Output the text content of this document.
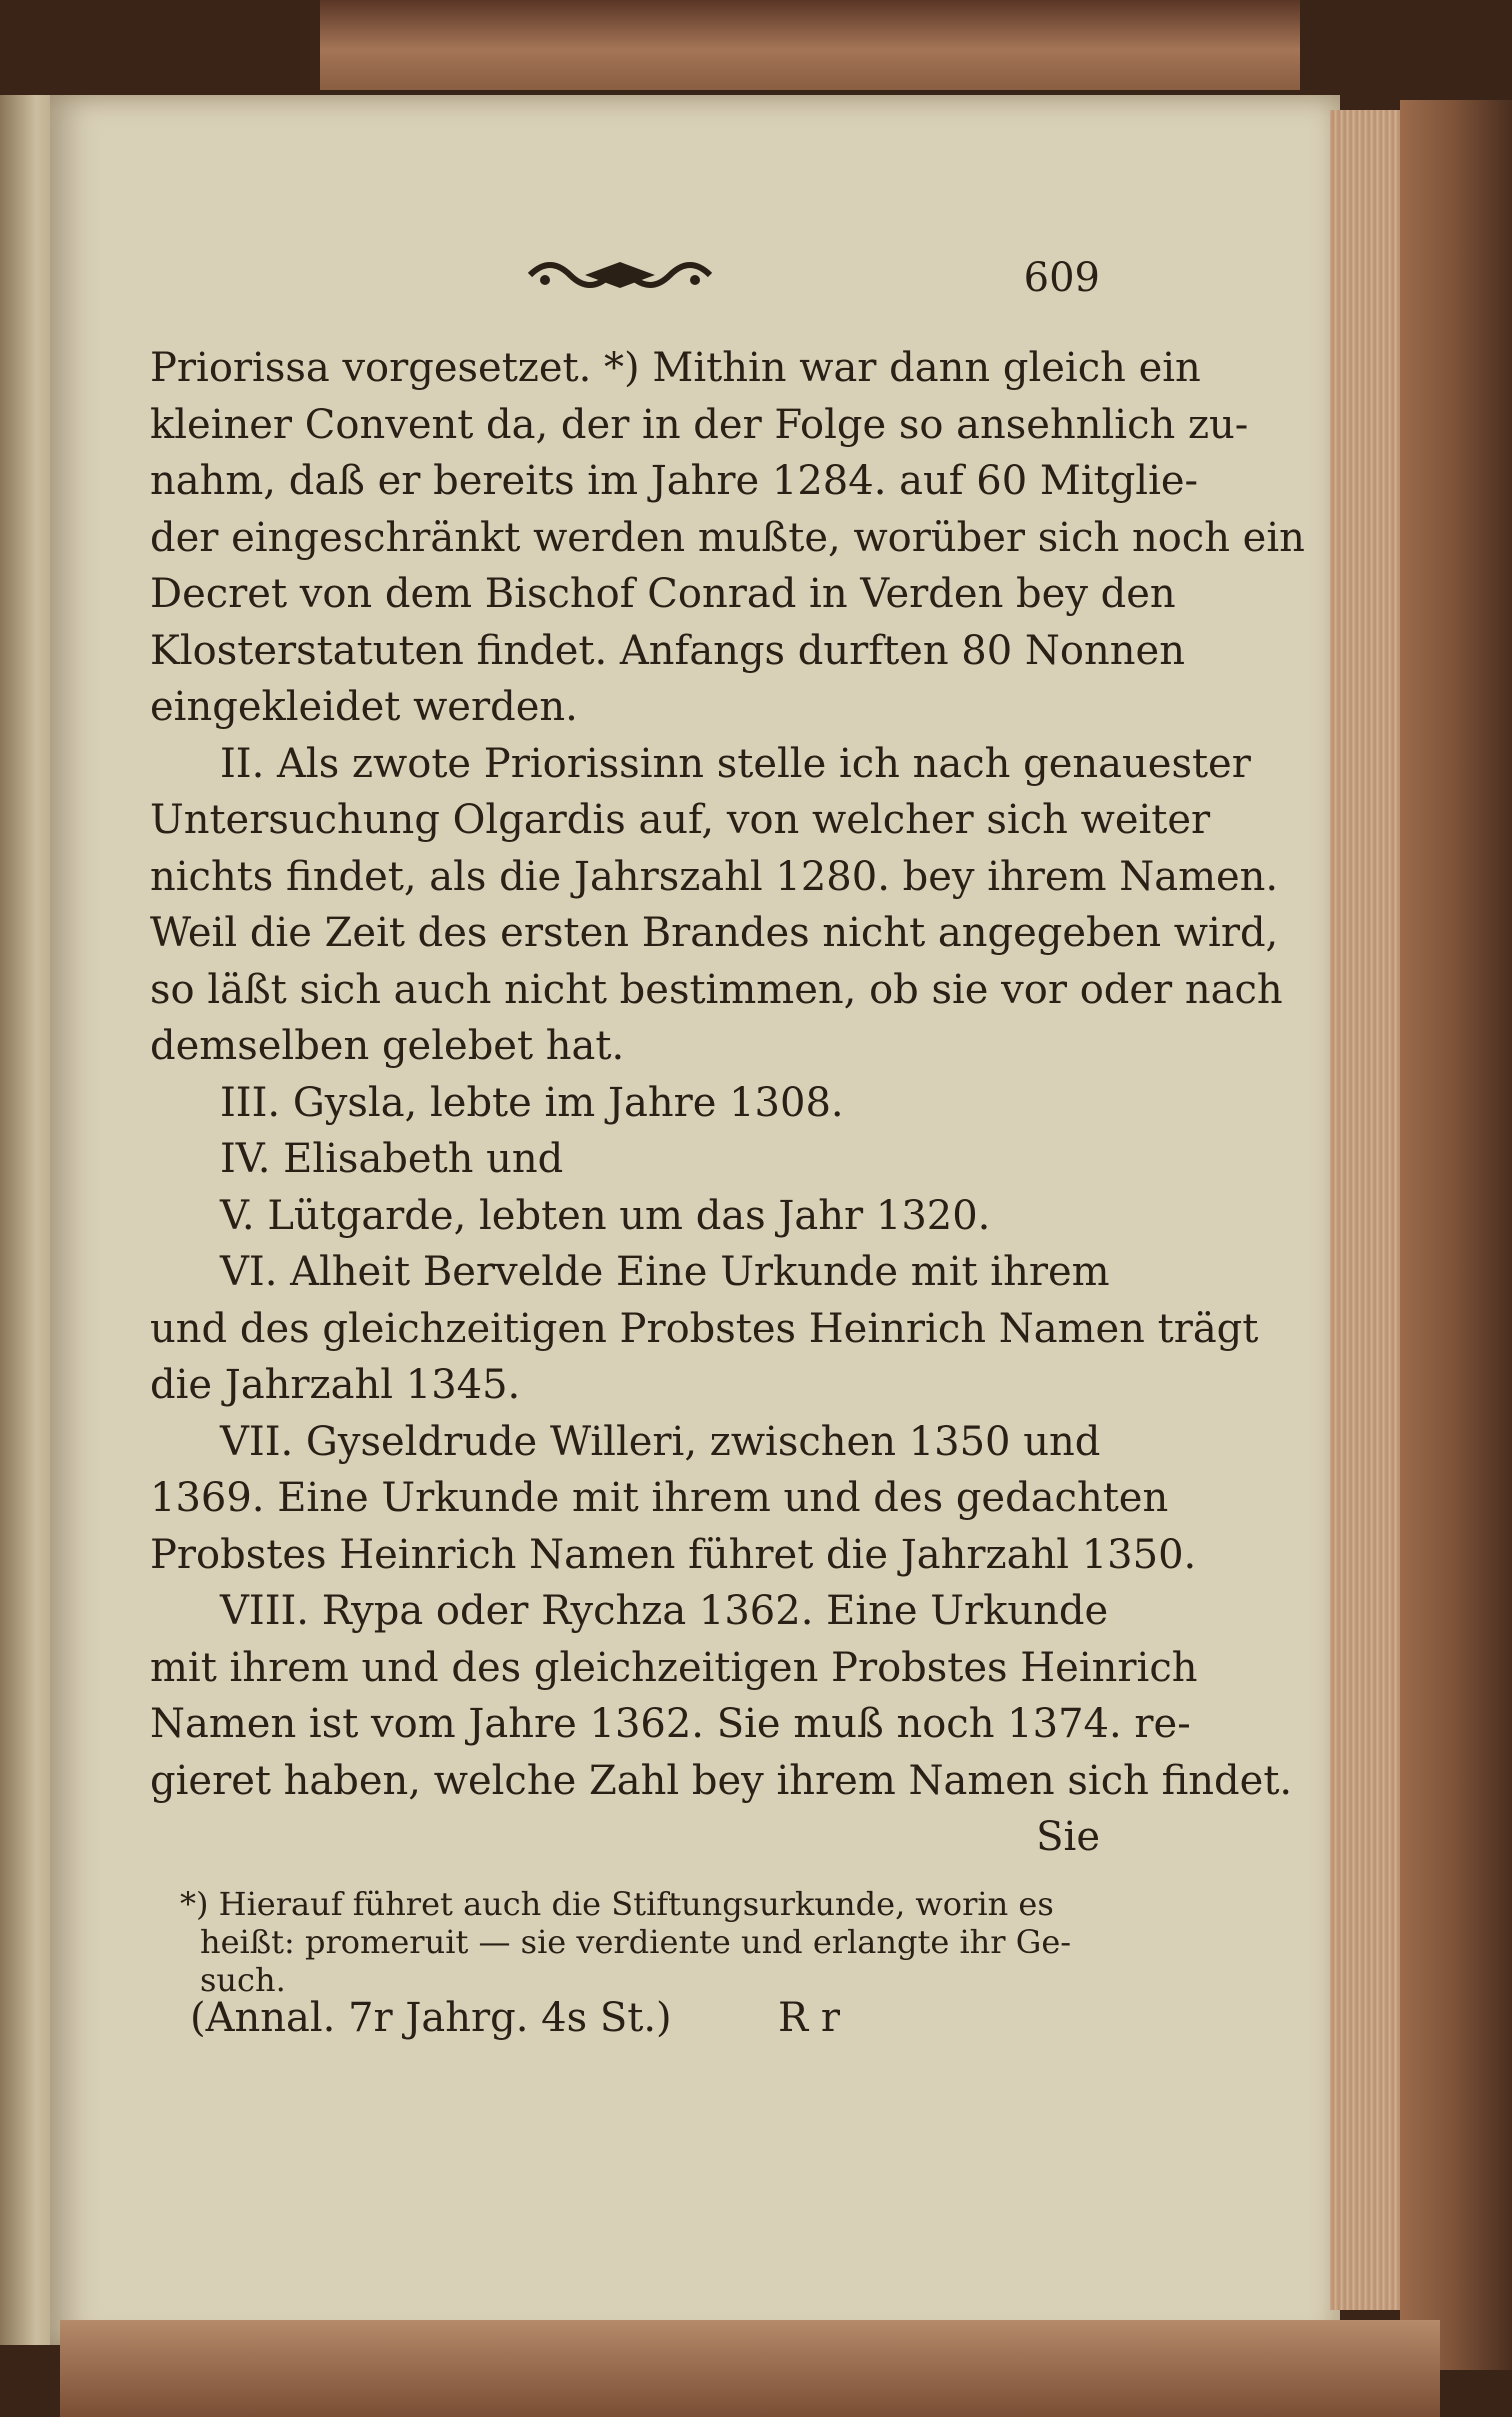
609
Priorissa vorgesetzet. *) Mithin war dann gleich ein
kleiner Convent da, der in der Folge so ansehnlich zu-
nahm, daß er bereits im Jahre 1284. auf 60 Mitglie-
der eingeschränkt werden mußte, worüber sich noch ein
Decret von dem Bischof Conrad in Verden bey den
Klosterstatuten findet. Anfangs durften 80 Nonnen
eingekleidet werden.
II. Als zwote Priorissinn stelle ich nach genauester
Untersuchung Olgardis auf, von welcher sich weiter
nichts findet, als die Jahrszahl 1280. bey ihrem Namen.
Weil die Zeit des ersten Brandes nicht angegeben wird,
so läßt sich auch nicht bestimmen, ob sie vor oder nach
demselben gelebet hat.
III. Gysla, lebte im Jahre 1308.
IV. Elisabeth und
V. Lütgarde, lebten um das Jahr 1320.
VI. Alheit Bervelde Eine Urkunde mit ihrem
und des gleichzeitigen Probstes Heinrich Namen trägt
die Jahrzahl 1345.
VII. Gyseldrude Willeri, zwischen 1350 und
1369. Eine Urkunde mit ihrem und des gedachten
Probstes Heinrich Namen führet die Jahrzahl 1350.
VIII. Rypa oder Rychza 1362. Eine Urkunde
mit ihrem und des gleichzeitigen Probstes Heinrich
Namen ist vom Jahre 1362. Sie muß noch 1374. re-
gieret haben, welche Zahl bey ihrem Namen sich findet.
Sie
*) Hierauf führet auch die Stiftungsurkunde, worin es
heißt: promeruit — sie verdiente und erlangte ihr Ge-
such.
(Annal. 7r Jahrg. 4s St.)	R r
